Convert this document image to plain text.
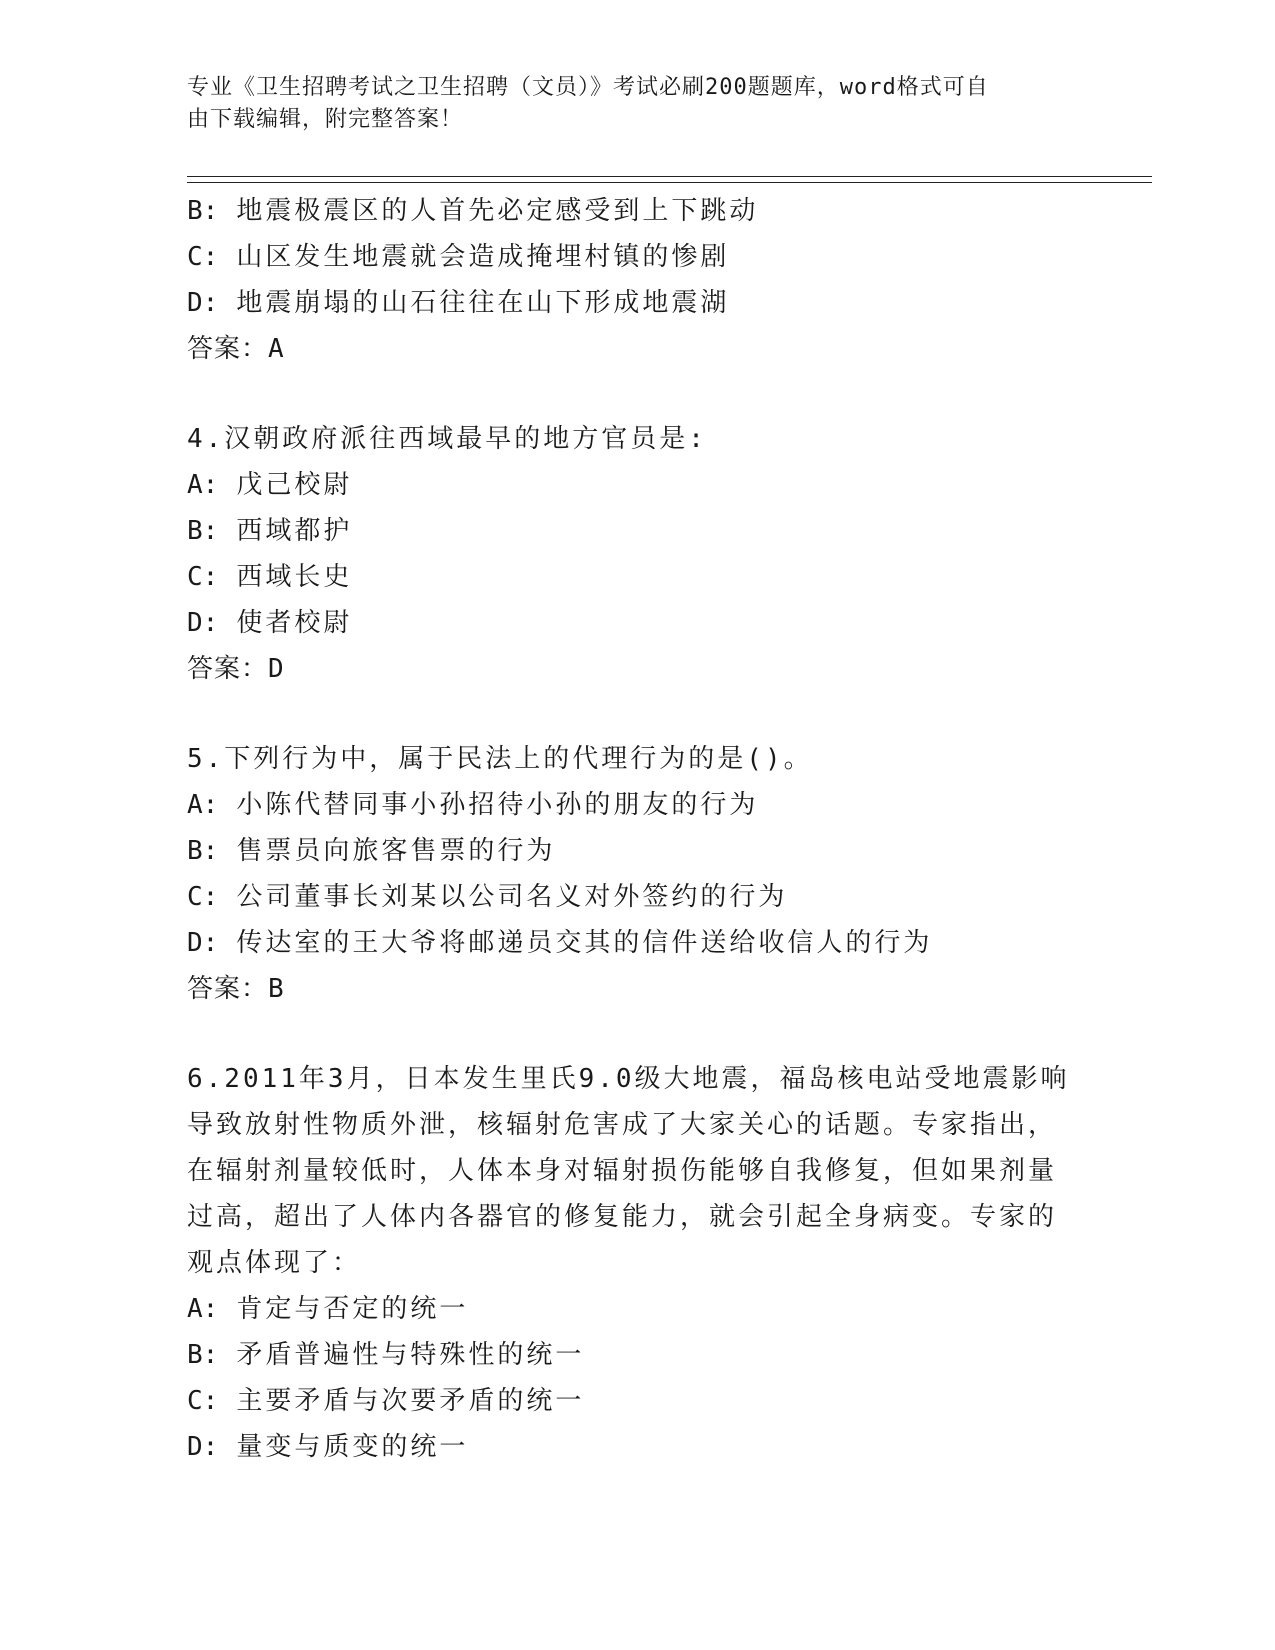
专业《卫生招聘考试之卫生招聘（文员）》考试必刷200题题库，word格式可自
由下载编辑，附完整答案！
B: 地震极震区的人首先必定感受到上下跳动
C: 山区发生地震就会造成掩埋村镇的惨剧
D: 地震崩塌的山石往往在山下形成地震湖
答案：A
4.汉朝政府派往西域最早的地方官员是:
A: 戊己校尉
B: 西域都护
C: 西域长史
D: 使者校尉
答案：D
5.下列行为中，属于民法上的代理行为的是()。
A: 小陈代替同事小孙招待小孙的朋友的行为
B: 售票员向旅客售票的行为
C: 公司董事长刘某以公司名义对外签约的行为
D: 传达室的王大爷将邮递员交其的信件送给收信人的行为
答案：B
6.2011年3月，日本发生里氏9.0级大地震，福岛核电站受地震影响
导致放射性物质外泄，核辐射危害成了大家关心的话题。专家指出，
在辐射剂量较低时，人体本身对辐射损伤能够自我修复，但如果剂量
过高，超出了人体内各器官的修复能力，就会引起全身病变。专家的
观点体现了：
A: 肯定与否定的统一
B: 矛盾普遍性与特殊性的统一
C: 主要矛盾与次要矛盾的统一
D: 量变与质变的统一
